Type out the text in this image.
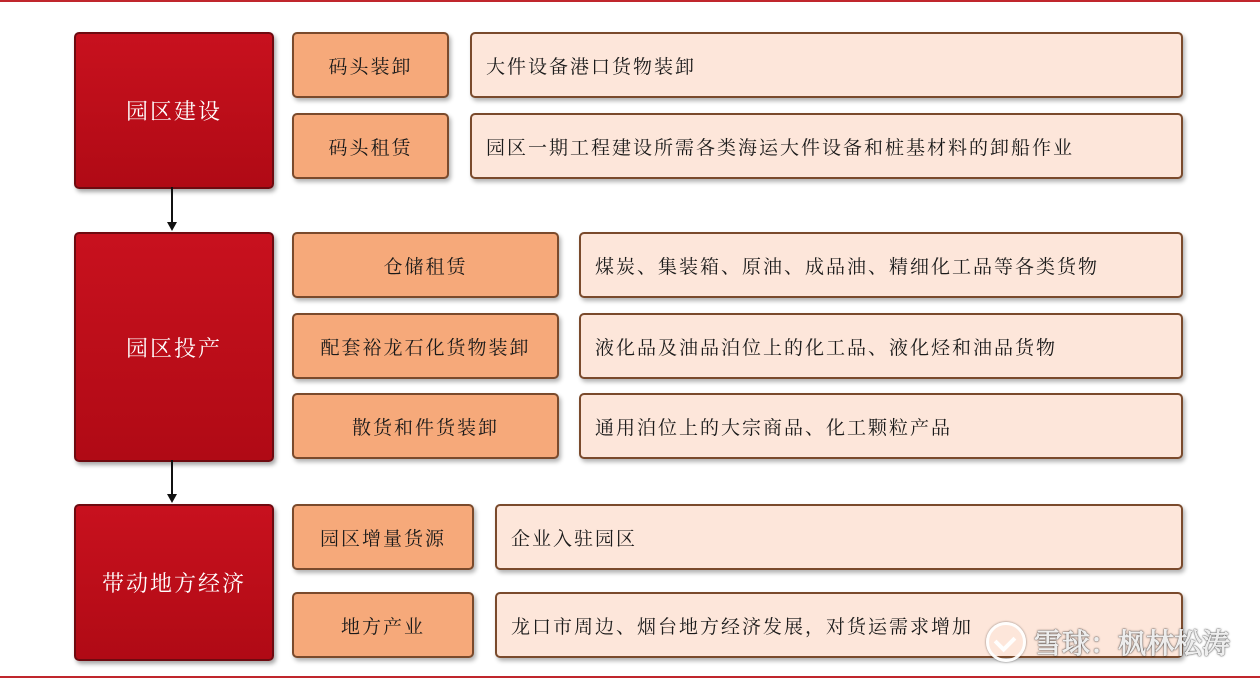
园区建设
码头装卸	大件设备港口货物装卸
码头租赁	园区一期工程建设所需各类海运大件设备和桩基材料的卸船作业
园区投产
仓储租赁	煤炭、集装箱、原油、成品油、精细化工品等各类货物
配套裕龙石化货物装卸	液化品及油品泊位上的化工品、液化烃和油品货物
散货和件货装卸	通用泊位上的大宗商品、化工颗粒产品
带动地方经济
园区增量货源	企业入驻园区
地方产业	龙口市周边、烟台地方经济发展，对货运需求增加
雪球：枫林松涛
